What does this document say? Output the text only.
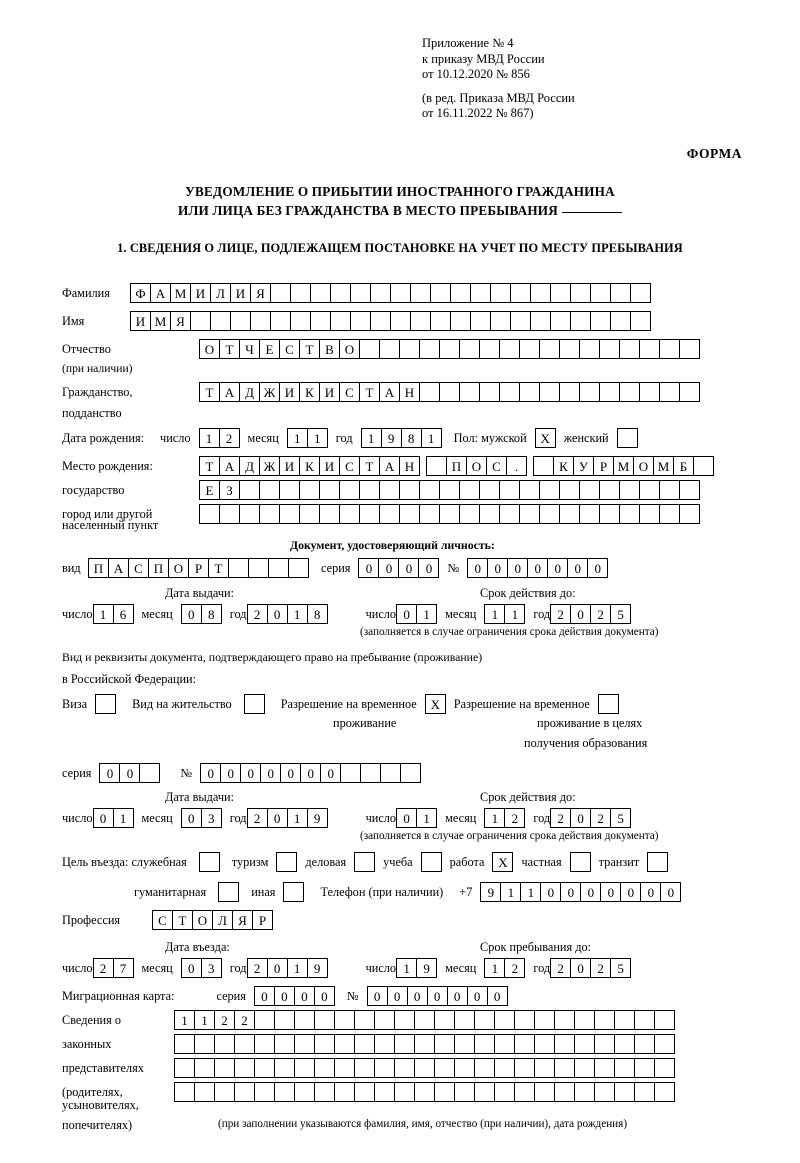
Приложение № 4
к приказу МВД России
от 10.12.2020 № 856
(в ред. Приказа МВД России
от 16.11.2022 № 867)
ФОРМА
УВЕДОМЛЕНИЕ О ПРИБЫТИИ ИНОСТРАННОГО ГРАЖДАНИНА
ИЛИ ЛИЦА БЕЗ ГРАЖДАНСТВА В МЕСТО ПРЕБЫВАНИЯ
1. СВЕДЕНИЯ О ЛИЦЕ, ПОДЛЕЖАЩЕМ ПОСТАНОВКЕ НА УЧЕТ ПО МЕСТУ ПРЕБЫВАНИЯ
Фамилия	Ф А М И Л И Я
Имя	И М Я
Отчество	О Т Ч Е С Т В О
(при наличии)
Гражданство,	Т А Д Ж И К И С Т А Н
подданство
Дата рождения: число	1	2	месяц	1	1	год	1	9	8	1	Пол: мужской	Х	женский
Место рождения:	Т А Д Ж И К И С Т А Н	П О С	.	К У Р М О М Б
государство	Е З
город или другой
населенный пункт
Документ, удостоверяющий личность:
вид	П А С П О Р Т	серия	0	0	0	0	№	0	0	0	0	0	0	0
Дата выдачи:	Срок действия до:
число 1	6	месяц	0	8	год 2	0	1	8	число 0	1	месяц	1	1	год 2	0	2	5
(заполняется в случае ограничения срока действия документа)
Вид и реквизиты документа, подтверждающего право на пребывание (проживание)
в Российской Федерации:
Виза	Вид на жительство	Разрешение на временное	Х	Разрешение на временное
проживание	проживание в целях
получения образования
серия	0	0	№	0	0	0	0	0	0	0
Дата выдачи:	Срок действия до:
число 0	1	месяц	0	3	год 2	0	1	9	число 0	1	месяц	1	2	год 2	0	2	5
(заполняется в случае ограничения срока действия документа)
Цель въезда: служебная	туризм	деловая	учеба	работа	Х	частная	транзит
гуманитарная	иная	Телефон (при наличии) +7	9	1	1	0	0	0	0	0	0	0
Профессия	С Т О Л Я Р
Дата въезда:	Срок пребывания до:
число 2	7	месяц	0	3	год 2	0	1	9	число 1	9	месяц	1	2	год 2	0	2	5
Миграционная карта:	серия	0	0	0	0	№	0	0	0	0	0	0	0
Сведения о	1	1	2	2
законных
представителях
(родителях,
усыновителях,
попечителях)	(при заполнении указываются фамилия, имя, отчество (при наличии), дата рождения)
